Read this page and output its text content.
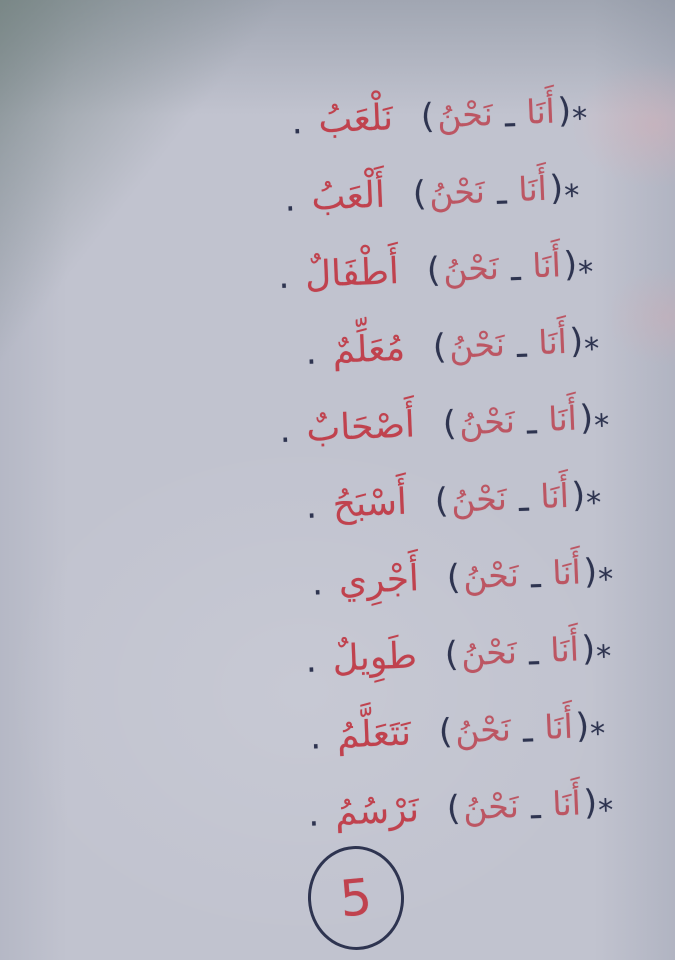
*
(
أَنَا
ـ
نَحْنُ
)
نَلْعَبُ
.
*
(
أَنَا
ـ
نَحْنُ
)
أَلْعَبُ
.
*
(
أَنَا
ـ
نَحْنُ
)
أَطْفَالٌ
.
*
(
أَنَا
ـ
نَحْنُ
)
مُعَلِّمٌ
.
*
(
أَنَا
ـ
نَحْنُ
)
أَصْحَابٌ
.
*
(
أَنَا
ـ
نَحْنُ
)
أَسْبَحُ
.
*
(
أَنَا
ـ
نَحْنُ
)
أَجْرِي
.
*
(
أَنَا
ـ
نَحْنُ
)
طَوِيلٌ
.
*
(
أَنَا
ـ
نَحْنُ
)
نَتَعَلَّمُ
.
*
(
أَنَا
ـ
نَحْنُ
)
نَرْسُمُ
.
5
